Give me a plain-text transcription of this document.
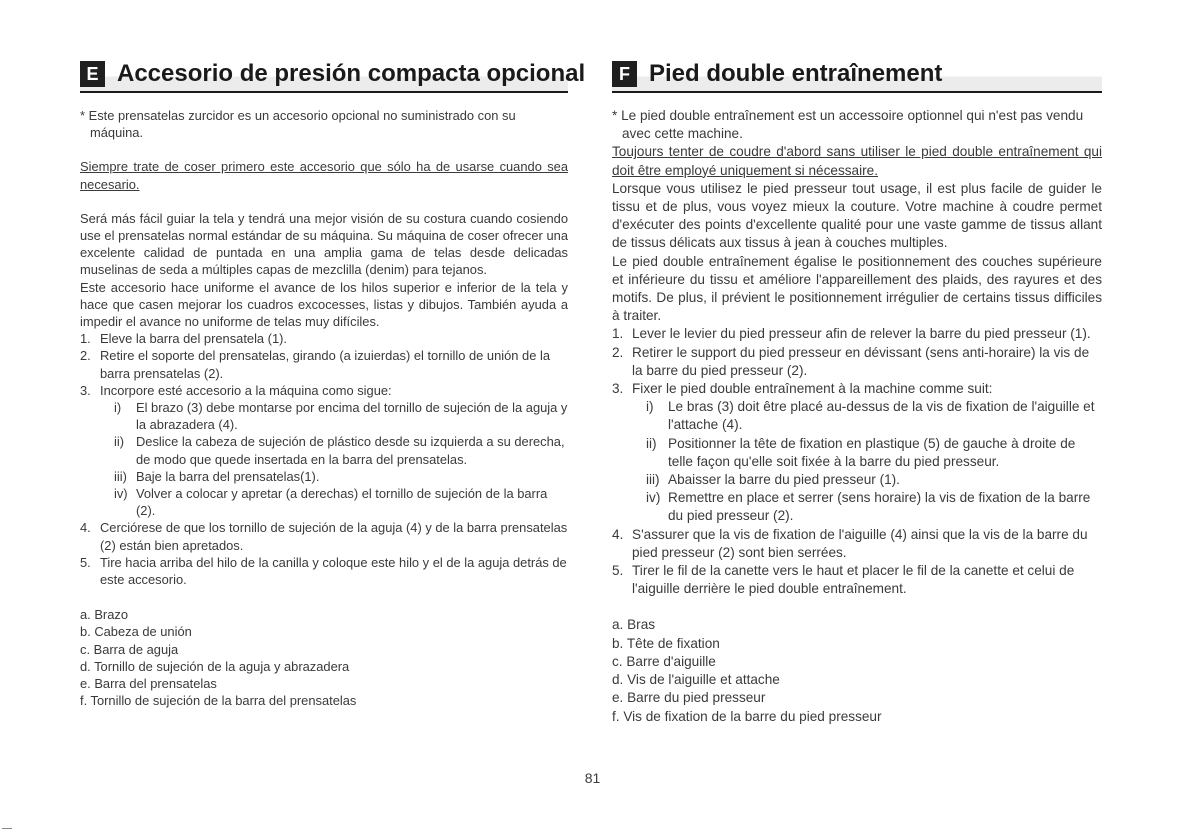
E Accesorio de presión compacta opcional

* Este prensatelas zurcidor es un accesorio opcional no suministrado con su máquina.

Siempre trate de coser primero este accesorio que sólo ha de usarse cuando sea necesario.

Será más fácil guiar la tela y tendrá una mejor visión de su costura cuando cosiendo use el prensatelas normal estándar de su máquina. Su máquina de coser ofrecer una excelente calidad de puntada en una amplia gama de telas desde delicadas muselinas de seda a múltiples capas de mezclilla (denim) para tejanos.

Este accesorio hace uniforme el avance de los hilos superior e inferior de la tela y hace que casen mejorar los cuadros excocesses, listas y dibujos. También ayuda a impedir el avance no uniforme de telas muy difíciles.

1. Eleve la barra del prensatela (1).
2. Retire el soporte del prensatelas, girando (a izuierdas) el tornillo de unión de la barra prensatelas (2).
3. Incorpore esté accesorio a la máquina como sigue:
i) El brazo (3) debe montarse por encima del tornillo de sujeción de la aguja y la abrazadera (4).
ii) Deslice la cabeza de sujeción de plástico desde su izquierda a su derecha, de modo que quede insertada en la barra del prensatelas.
iii) Baje la barra del prensatelas(1).
iv) Volver a colocar y apretar (a derechas) el tornillo de sujeción de la barra (2).
4. Cerciórese de que los tornillo de sujeción de la aguja (4) y de la barra prensatelas (2) están bien apretados.
5. Tire hacia arriba del hilo de la canilla y coloque este hilo y el de la aguja detrás de este accesorio.
a. Brazo
b. Cabeza de unión
c. Barra de aguja
d. Tornillo de sujeción de la aguja y abrazadera
e. Barra del prensatelas
f. Tornillo de sujeción de la barra del prensatelas
F Pied double entraînement

* Le pied double entraînement est un accessoire optionnel qui n'est pas vendu avec cette machine.

Toujours tenter de coudre d'abord sans utiliser le pied double entraînement qui doit être employé uniquement si nécessaire.

Lorsque vous utilisez le pied presseur tout usage, il est plus facile de guider le tissu et de plus, vous voyez mieux la couture. Votre machine à coudre permet d'exécuter des points d'excellente qualité pour une vaste gamme de tissus allant de tissus délicats aux tissus à jean à couches multiples.

Le pied double entraînement égalise le positionnement des couches supérieure et inférieure du tissu et améliore l'appareillement des plaids, des rayures et des motifs. De plus, il prévient le positionnement irrégulier de certains tissus difficiles à traiter.

1. Lever le levier du pied presseur afin de relever la barre du pied presseur (1).
2. Retirer le support du pied presseur en dévissant (sens anti-horaire) la vis de la barre du pied presseur (2).
3. Fixer le pied double entraînement à la machine comme suit:
i) Le bras (3) doit être placé au-dessus de la vis de fixation de l'aiguille et l'attache (4).
ii) Positionner la tête de fixation en plastique (5) de gauche à droite de telle façon qu'elle soit fixée à la barre du pied presseur.
iii) Abaisser la barre du pied presseur (1).
iv) Remettre en place et serrer (sens horaire) la vis de fixation de la barre du pied presseur (2).
4. S'assurer que la vis de fixation de l'aiguille (4) ainsi que la vis de la barre du pied presseur (2) sont bien serrées.
5. Tirer le fil de la canette vers le haut et placer le fil de la canette et celui de l'aiguille derrière le pied double entraînement.
a. Bras
b. Tête de fixation
c. Barre d'aiguille
d. Vis de l'aiguille et attache
e. Barre du pied presseur
f. Vis de fixation de la barre du pied presseur
81
